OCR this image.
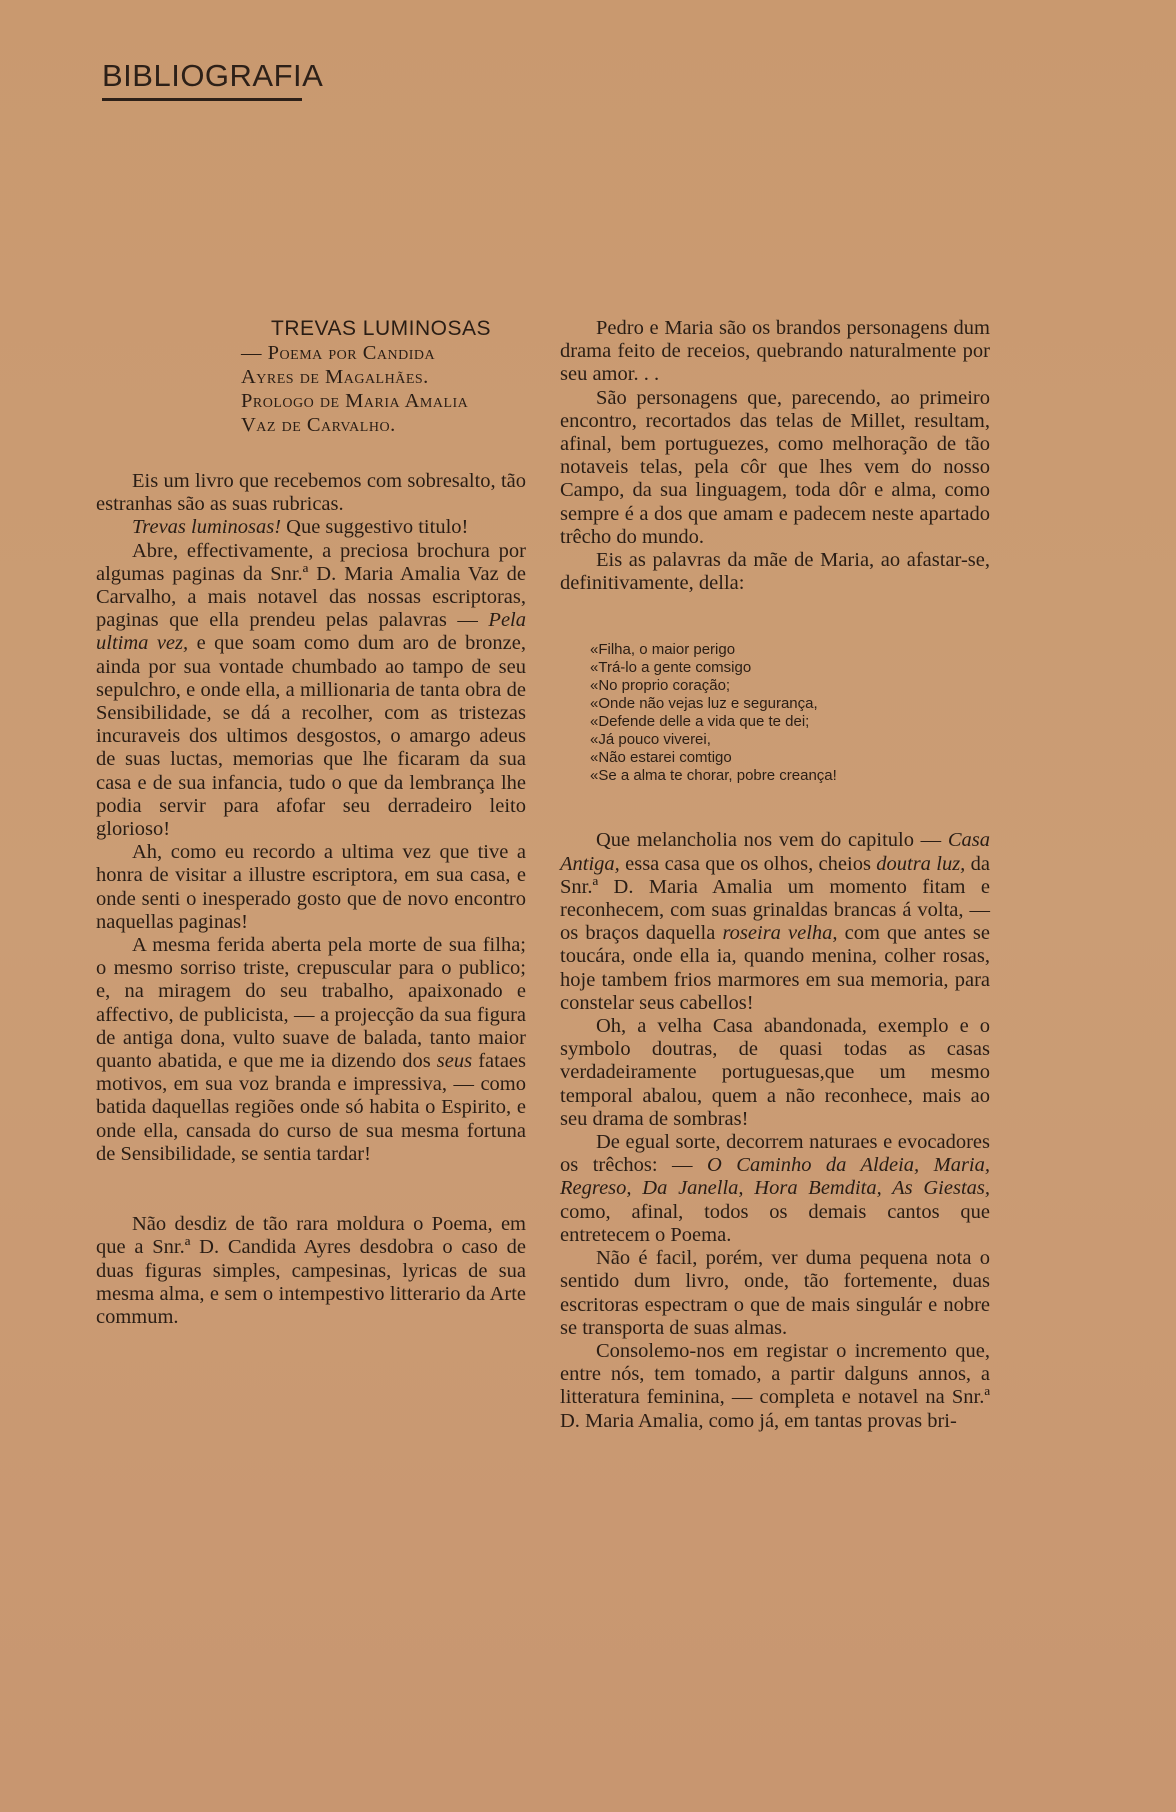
BIBLIOGRAFIA
TREVAS LUMINOSAS
— Poema por Candida
Ayres de Magalhães.
Prologo de Maria Amalia
Vaz de Carvalho.

Eis um livro que recebemos com sobresalto, tão estranhas são as suas rubricas.

Trevas luminosas! Que suggestivo titulo!

Abre, effectivamente, a preciosa brochura por algumas paginas da Snr.ª D. Maria Amalia Vaz de Carvalho, a mais notavel das nossas escriptoras, paginas que ella prendeu pelas palavras — Pela ultima vez, e que soam como dum aro de bronze, ainda por sua vontade chumbado ao tampo de seu sepulchro, e onde ella, a millionaria de tanta obra de Sensibilidade, se dá a recolher, com as tristezas incuraveis dos ultimos desgostos, o amargo adeus de suas luctas, memorias que lhe ficaram da sua casa e de sua infancia, tudo o que da lembrança lhe podia servir para afofar seu derradeiro leito glorioso!

Ah, como eu recordo a ultima vez que tive a honra de visitar a illustre escriptora, em sua casa, e onde senti o inesperado gosto que de novo encontro naquellas paginas!

A mesma ferida aberta pela morte de sua filha; o mesmo sorriso triste, crepuscular para o publico; e, na miragem do seu trabalho, apaixonado e affectivo, de publicista, — a projecção da sua figura de antiga dona, vulto suave de balada, tanto maior quanto abatida, e que me ia dizendo dos seus fataes motivos, em sua voz branda e impressiva, — como batida daquellas regiões onde só habita o Espirito, e onde ella, cansada do curso de sua mesma fortuna de Sensibilidade, se sentia tardar!

Não desdiz de tão rara moldura o Poema, em que a Snr.ª D. Candida Ayres desdobra o caso de duas figuras simples, campesinas, lyricas de sua mesma alma, e sem o intempestivo litterario da Arte commum.

Pedro e Maria são os brandos personagens dum drama feito de receios, quebrando naturalmente por seu amor. . .

São personagens que, parecendo, ao primeiro encontro, recortados das telas de Millet, resultam, afinal, bem portuguezes, como melhoração de tão notaveis telas, pela côr que lhes vem do nosso Campo, da sua linguagem, toda dôr e alma, como sempre é a dos que amam e padecem neste apartado trêcho do mundo.

Eis as palavras da mãe de Maria, ao afastar-se, definitivamente, della:

«Filha, o maior perigo
«Trá-lo a gente comsigo
«No proprio coração;
«Onde não vejas luz e segurança,
«Defende delle a vida que te dei;
«Já pouco viverei,
«Não estarei comtigo
«Se a alma te chorar, pobre creança!

Que melancholia nos vem do capitulo — Casa Antiga, essa casa que os olhos, cheios doutra luz, da Snr.ª D. Maria Amalia um momento fitam e reconhecem, com suas grinaldas brancas á volta, — os braços daquella roseira velha, com que antes se toucára, onde ella ia, quando menina, colher rosas, hoje tambem frios marmores em sua memoria, para constelar seus cabellos!

Oh, a velha Casa abandonada, exemplo e o symbolo doutras, de quasi todas as casas verdadeiramente portuguesas,que um mesmo temporal abalou, quem a não reconhece, mais ao seu drama de sombras!

De egual sorte, decorrem naturaes e evocadores os trêchos: — O Caminho da Aldeia, Maria, Regreso, Da Janella, Hora Bemdita, As Giestas, como, afinal, todos os demais cantos que entretecem o Poema.

Não é facil, porém, ver duma pequena nota o sentido dum livro, onde, tão fortemente, duas escritoras espectram o que de mais singulár e nobre se transporta de suas almas.

Consolemo-nos em registar o incremento que, entre nós, tem tomado, a partir dalguns annos, a litteratura feminina, — completa e notavel na Snr.ª D. Maria Amalia, como já, em tantas provas bri-
